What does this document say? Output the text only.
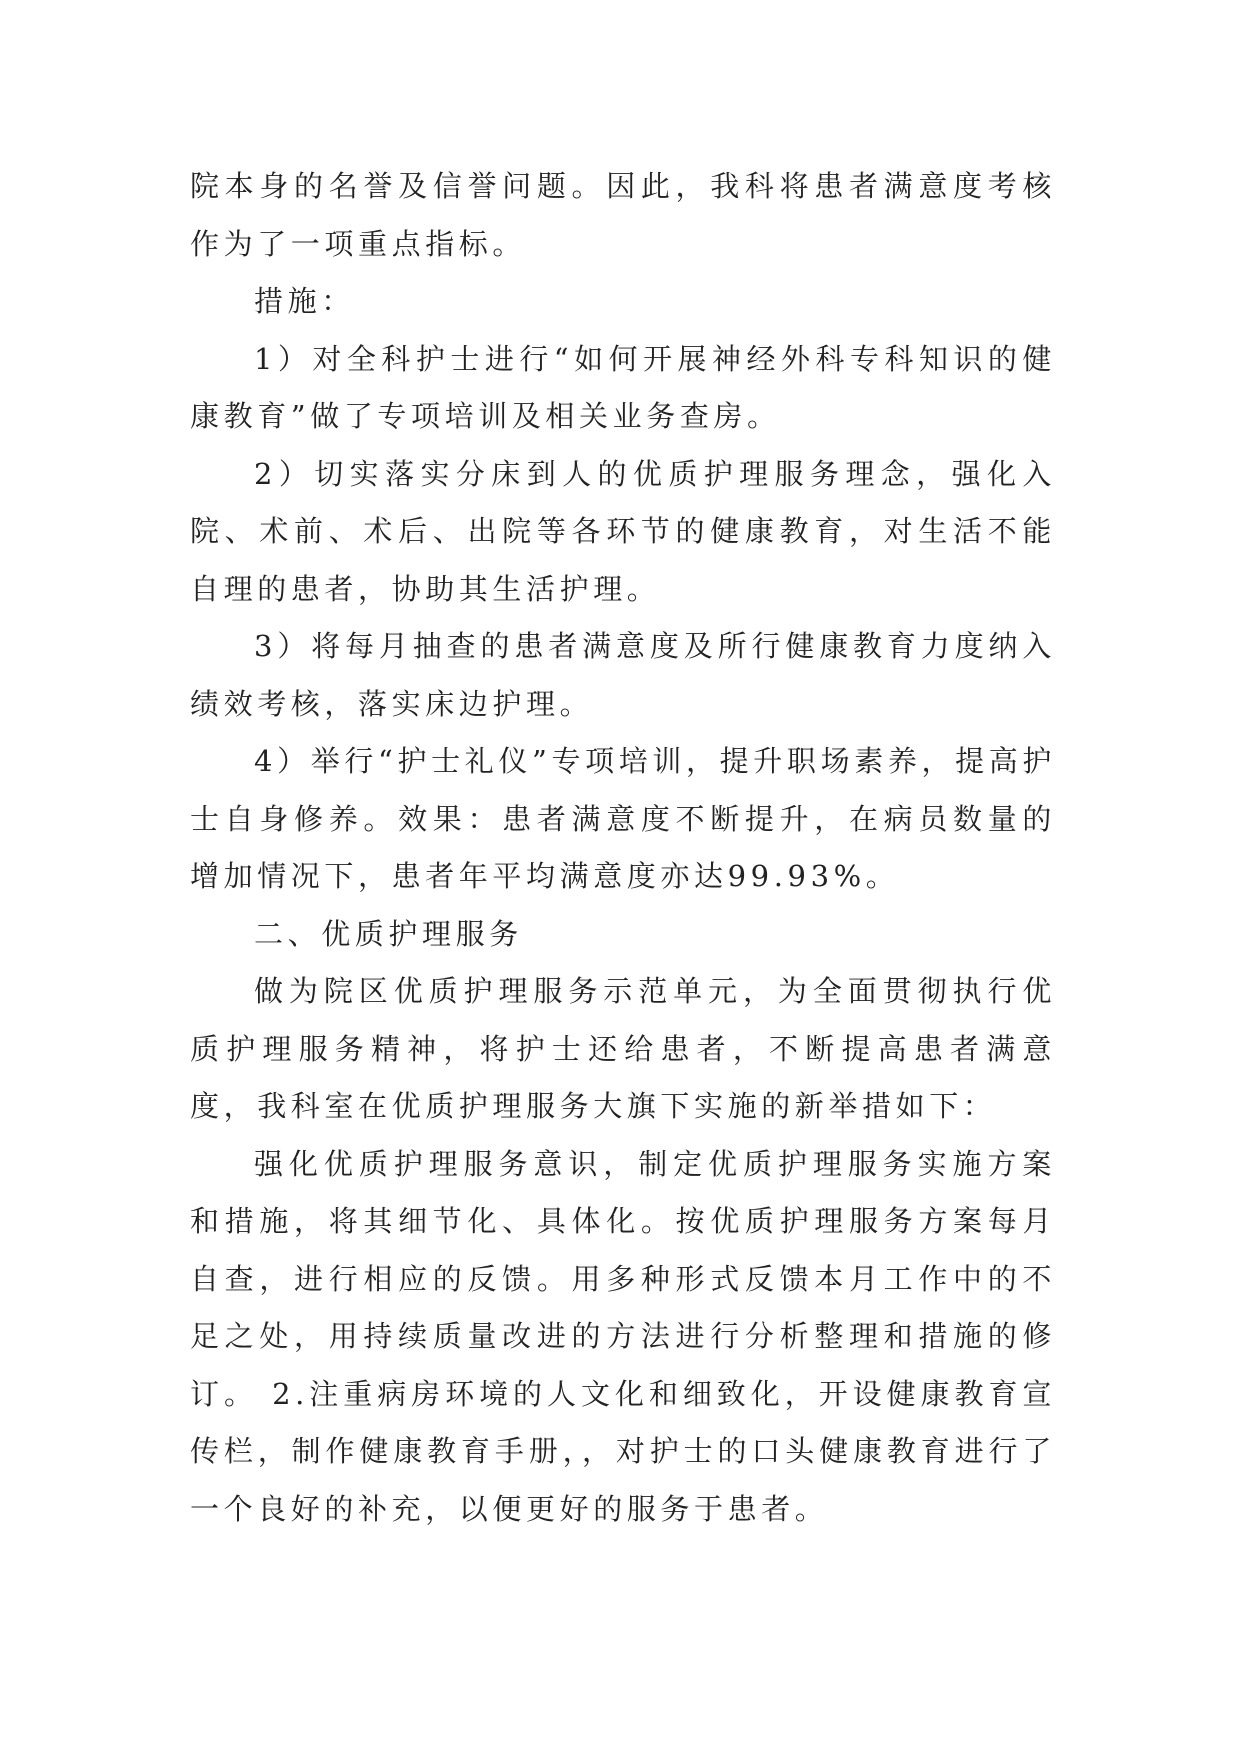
院本身的名誉及信誉问题。因此，我科将患者满意度考核作为了一项重点指标。

措施：

1）对全科护士进行“如何开展神经外科专科知识的健康教育”做了专项培训及相关业务查房。

2）切实落实分床到人的优质护理服务理念，强化入院、术前、术后、出院等各环节的健康教育，对生活不能自理的患者，协助其生活护理。

3）将每月抽查的患者满意度及所行健康教育力度纳入绩效考核，落实床边护理。

4）举行“护士礼仪”专项培训，提升职场素养，提高护士自身修养。效果：患者满意度不断提升，在病员数量的增加情况下，患者年平均满意度亦达99.93%。

二、优质护理服务

做为院区优质护理服务示范单元，为全面贯彻执行优质护理服务精神，将护士还给患者，不断提高患者满意度，我科室在优质护理服务大旗下实施的新举措如下：

强化优质护理服务意识，制定优质护理服务实施方案和措施，将其细节化、具体化。按优质护理服务方案每月自查，进行相应的反馈。用多种形式反馈本月工作中的不足之处，用持续质量改进的方法进行分析整理和措施的修订。 2.注重病房环境的人文化和细致化，开设健康教育宣传栏，制作健康教育手册，，对护士的口头健康教育进行了一个良好的补充，以便更好的服务于患者。
